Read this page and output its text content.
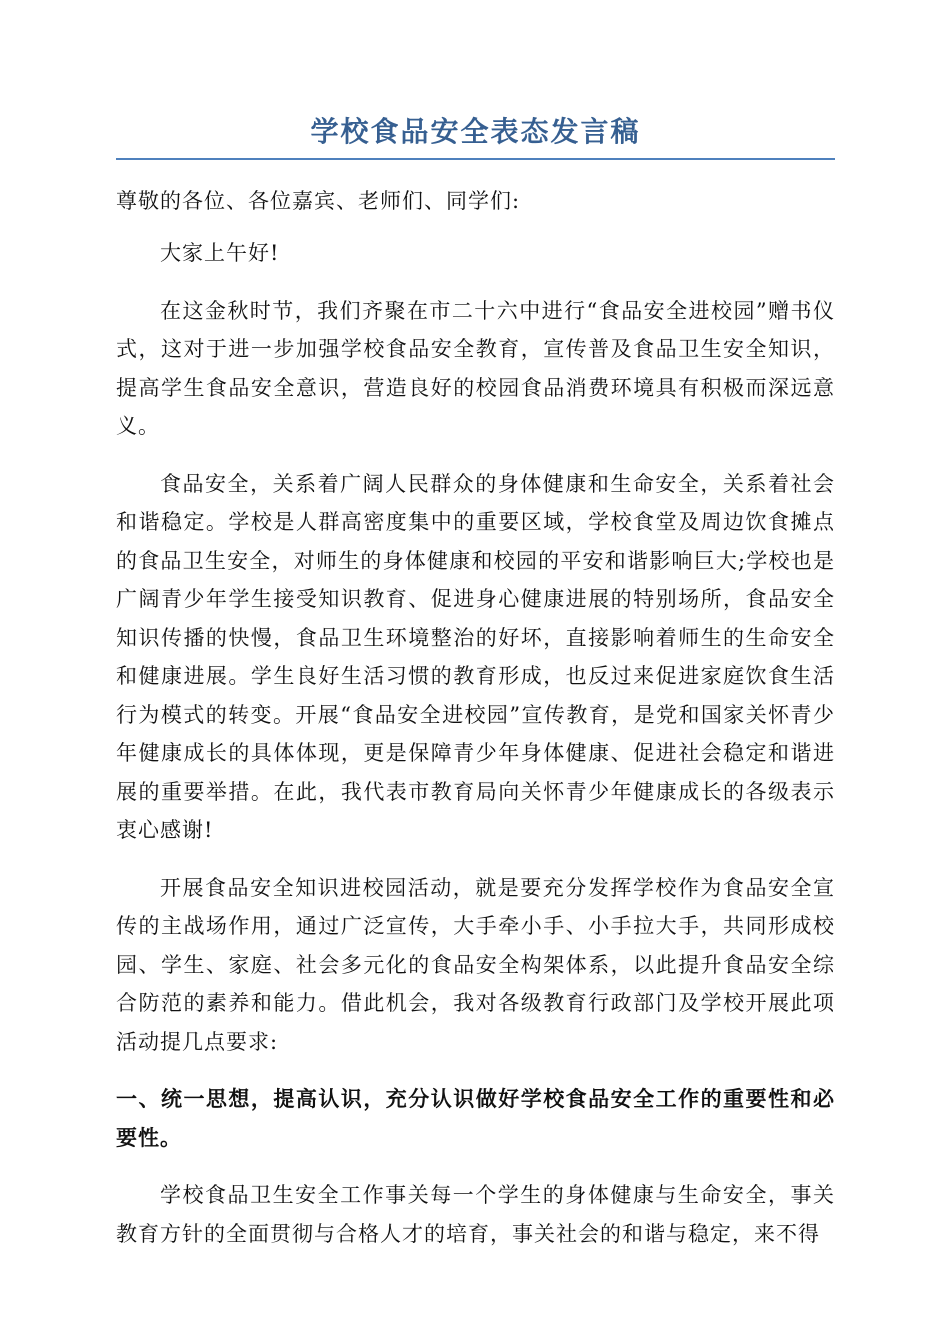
学校食品安全表态发言稿

尊敬的各位、各位嘉宾、老师们、同学们:

大家上午好!

在这金秋时节，我们齐聚在市二十六中进行“食品安全进校园”赠书仪式，这对于进一步加强学校食品安全教育，宣传普及食品卫生安全知识，提高学生食品安全意识，营造良好的校园食品消费环境具有积极而深远意义。

食品安全，关系着广阔人民群众的身体健康和生命安全，关系着社会和谐稳定。学校是人群高密度集中的重要区域，学校食堂及周边饮食摊点的食品卫生安全，对师生的身体健康和校园的平安和谐影响巨大;学校也是广阔青少年学生接受知识教育、促进身心健康进展的特别场所，食品安全知识传播的快慢，食品卫生环境整治的好坏，直接影响着师生的生命安全和健康进展。学生良好生活习惯的教育形成，也反过来促进家庭饮食生活行为模式的转变。开展“食品安全进校园”宣传教育，是党和国家关怀青少年健康成长的具体体现，更是保障青少年身体健康、促进社会稳定和谐进展的重要举措。在此，我代表市教育局向关怀青少年健康成长的各级表示衷心感谢!

开展食品安全知识进校园活动，就是要充分发挥学校作为食品安全宣传的主战场作用，通过广泛宣传，大手牵小手、小手拉大手，共同形成校园、学生、家庭、社会多元化的食品安全构架体系，以此提升食品安全综合防范的素养和能力。借此机会，我对各级教育行政部门及学校开展此项活动提几点要求:

一、统一思想，提高认识，充分认识做好学校食品安全工作的重要性和必要性。

学校食品卫生安全工作事关每一个学生的身体健康与生命安全，事关教育方针的全面贯彻与合格人才的培育，事关社会的和谐与稳定，来不得
